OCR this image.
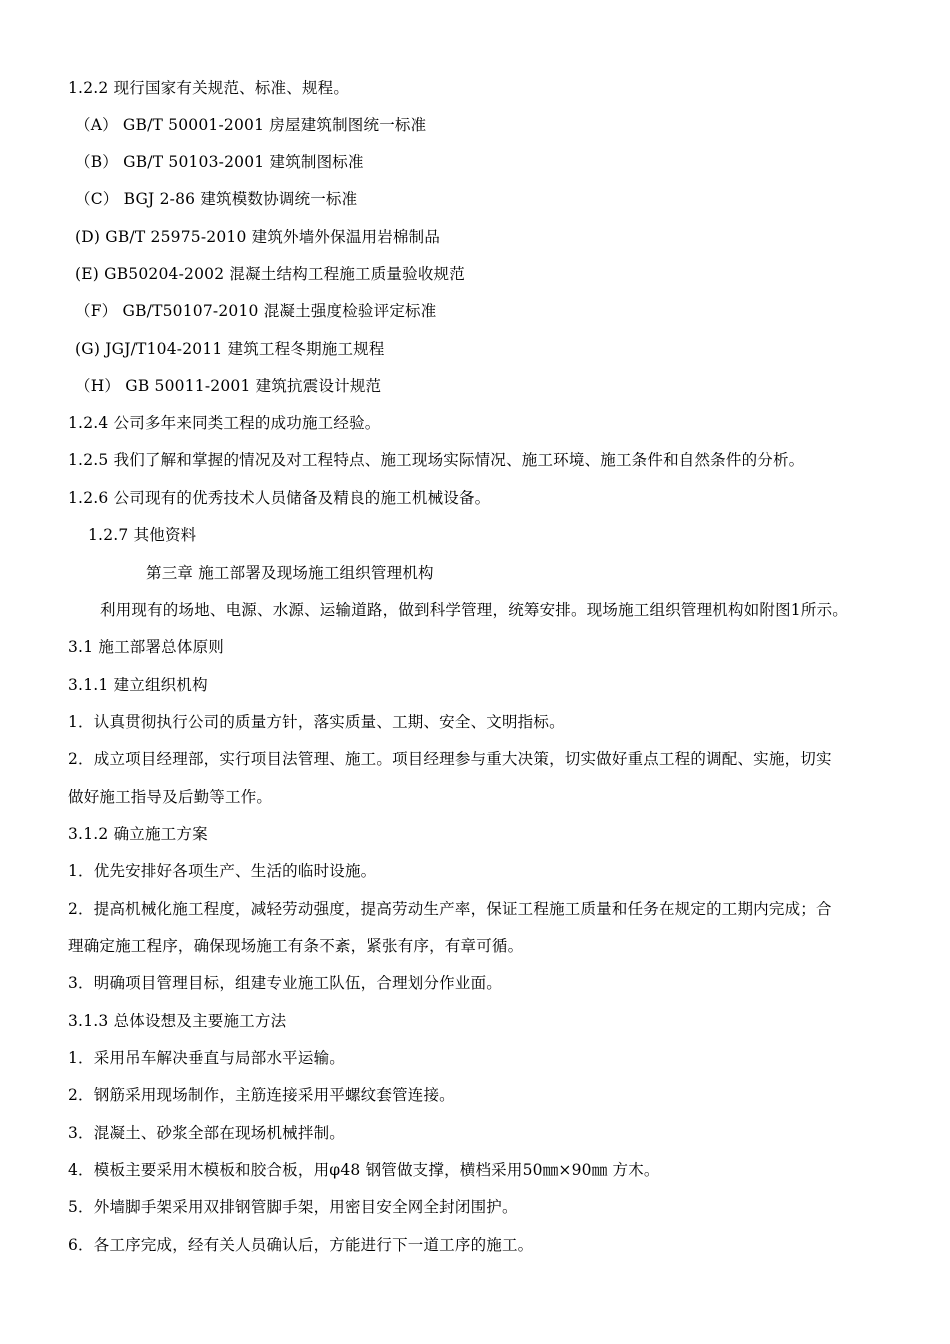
1.2.2 现行国家有关规范、标准、规程。
（A） GB/T 50001-2001 房屋建筑制图统一标准
（B） GB/T 50103-2001 建筑制图标准
（C） BGJ 2-86 建筑模数协调统一标准
(D) GB/T 25975-2010 建筑外墙外保温用岩棉制品
(E) GB50204-2002 混凝土结构工程施工质量验收规范
（F） GB/T50107-2010 混凝土强度检验评定标准
(G) JGJ/T104-2011 建筑工程冬期施工规程
（H） GB 50011-2001 建筑抗震设计规范
1.2.4 公司多年来同类工程的成功施工经验。
1.2.5 我们了解和掌握的情况及对工程特点、施工现场实际情况、施工环境、施工条件和自然条件的分析。
1.2.6 公司现有的优秀技术人员储备及精良的施工机械设备。
1.2.7 其他资料
第三章 施工部署及现场施工组织管理机构
利用现有的场地、电源、水源、运输道路，做到科学管理，统筹安排。现场施工组织管理机构如附图1所示。
3.1 施工部署总体原则
3.1.1 建立组织机构
1．认真贯彻执行公司的质量方针，落实质量、工期、安全、文明指标。
2．成立项目经理部，实行项目法管理、施工。项目经理参与重大决策，切实做好重点工程的调配、实施，切实
做好施工指导及后勤等工作。
3.1.2 确立施工方案
1．优先安排好各项生产、生活的临时设施。
2．提高机械化施工程度，减轻劳动强度，提高劳动生产率，保证工程施工质量和任务在规定的工期内完成；合
理确定施工程序，确保现场施工有条不紊，紧张有序，有章可循。
3．明确项目管理目标，组建专业施工队伍，合理划分作业面。
3.1.3 总体设想及主要施工方法
1．采用吊车解决垂直与局部水平运输。
2．钢筋采用现场制作，主筋连接采用平螺纹套管连接。
3．混凝土、砂浆全部在现场机械拌制。
4．模板主要采用木模板和胶合板，用φ48 钢管做支撑，横档采用50㎜×90㎜ 方木。
5．外墙脚手架采用双排钢管脚手架，用密目安全网全封闭围护。
6．各工序完成，经有关人员确认后，方能进行下一道工序的施工。
